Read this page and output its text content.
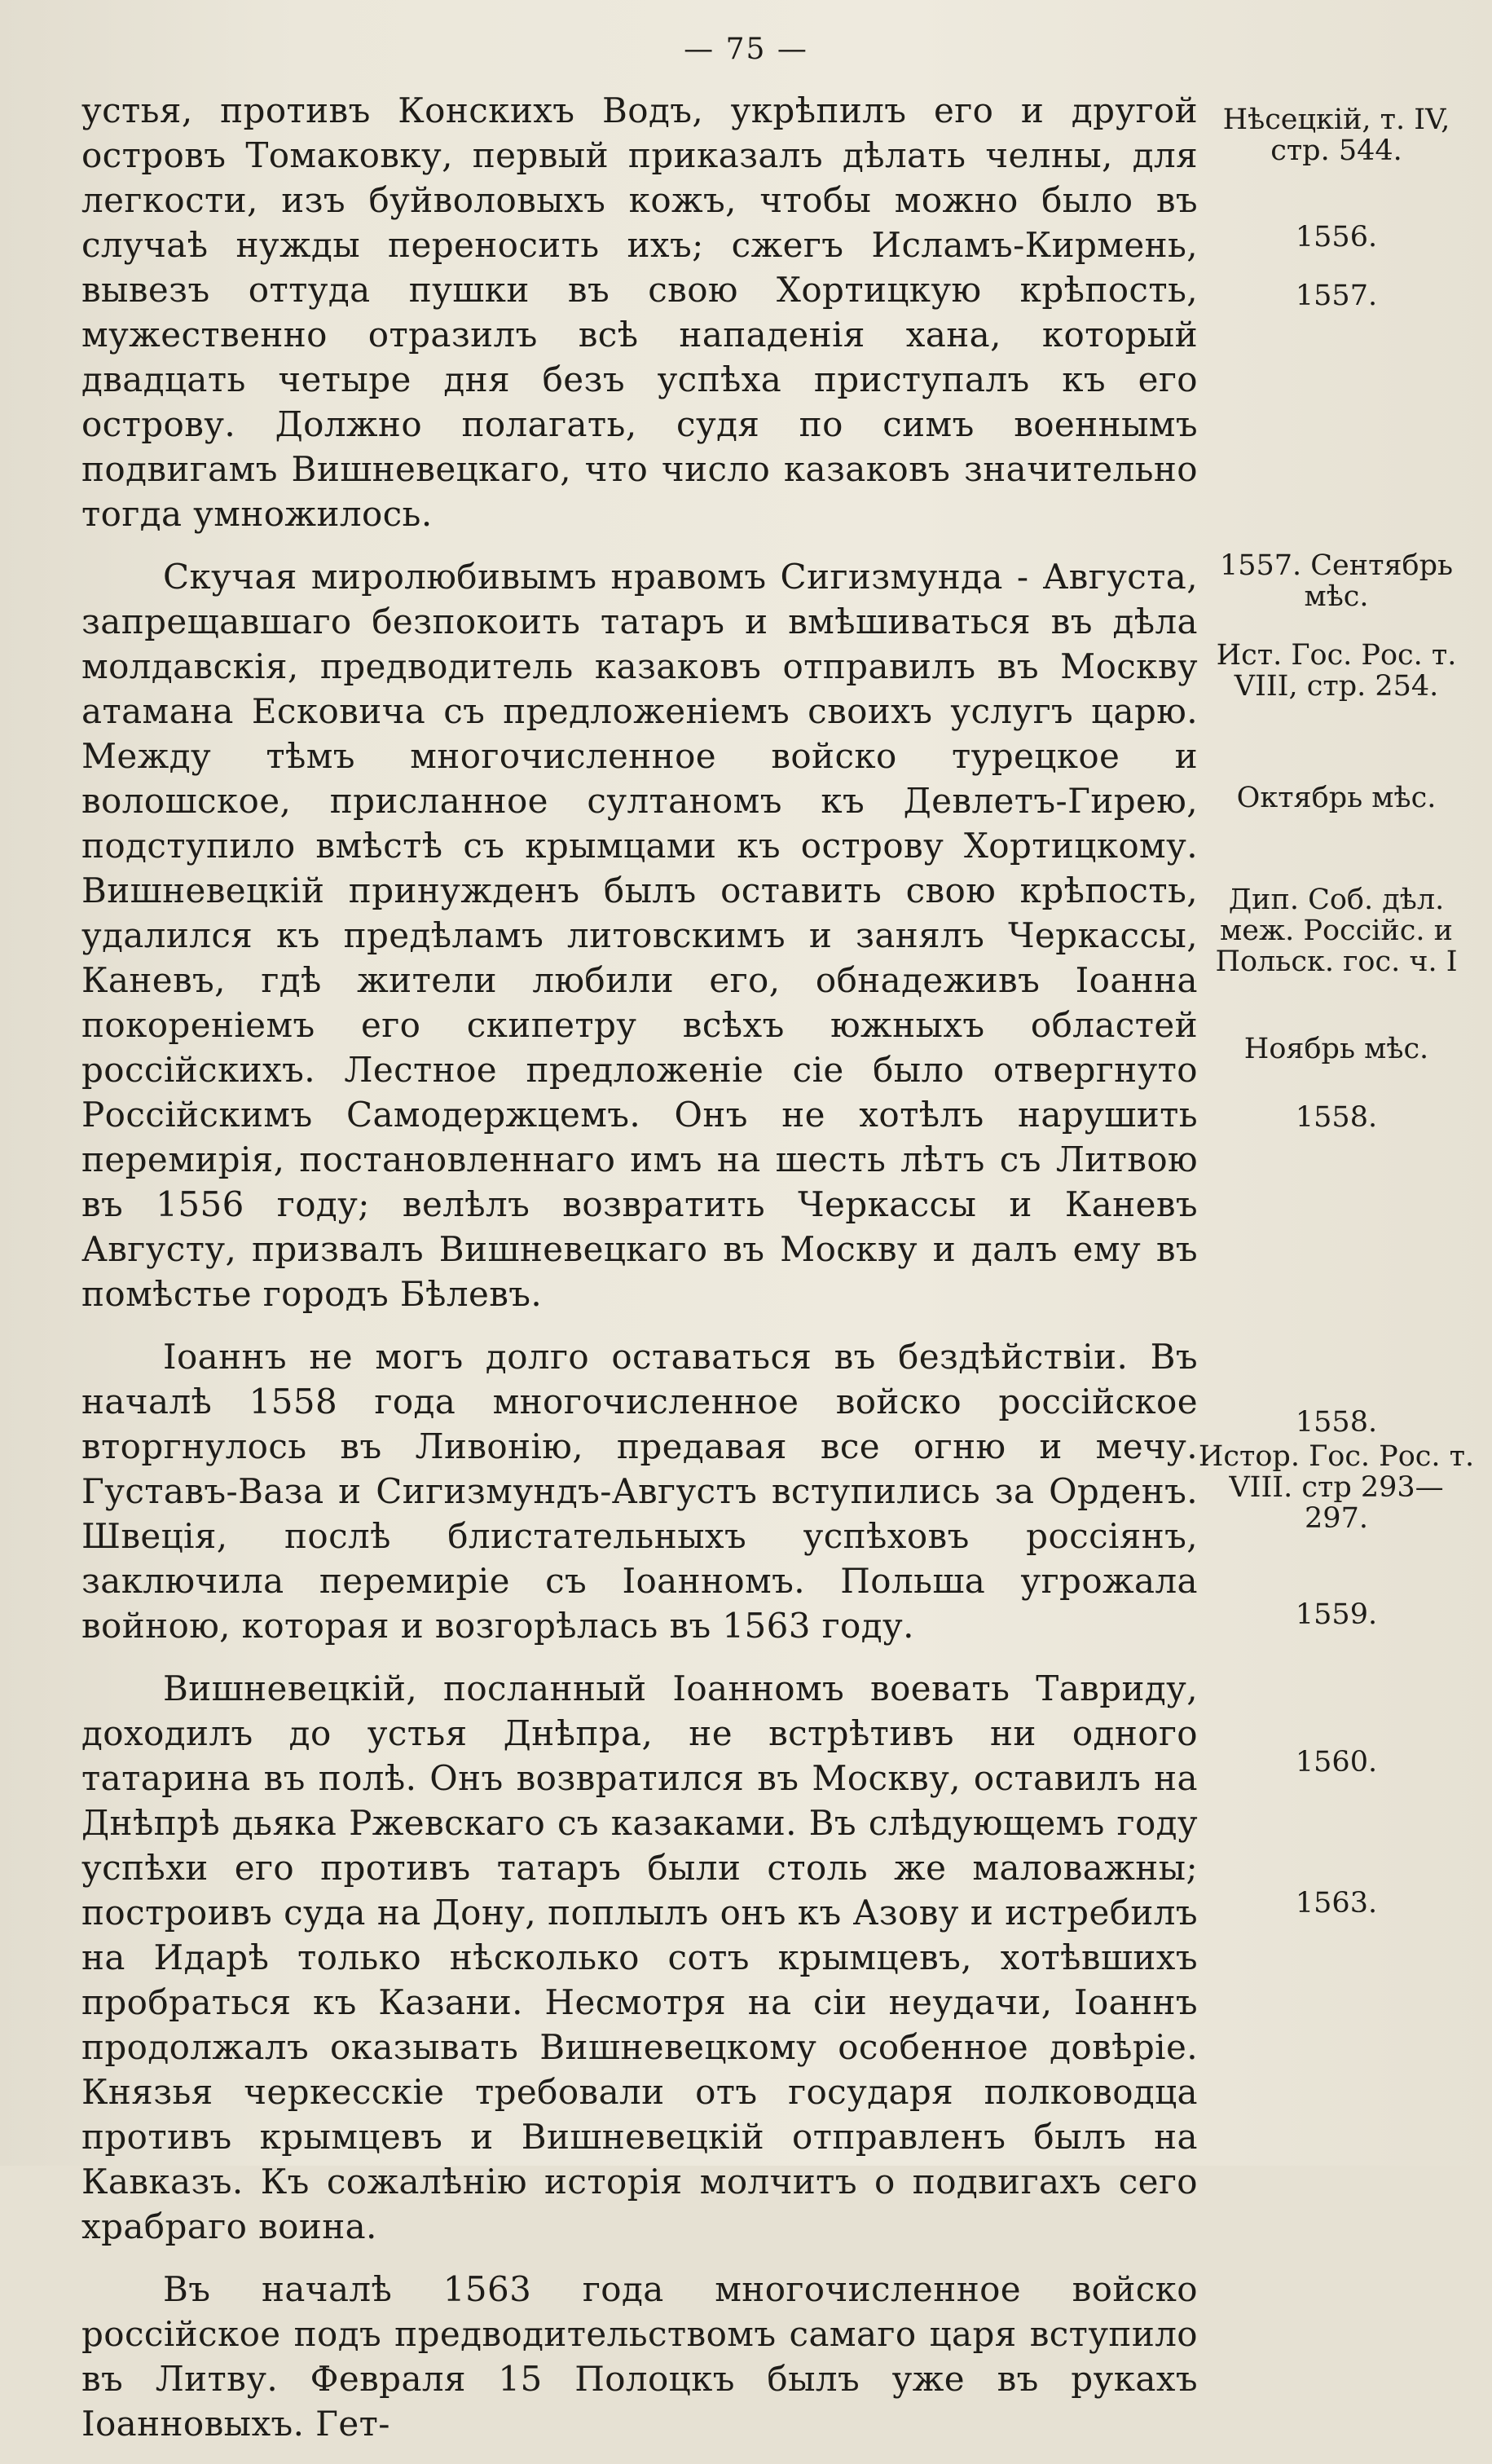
— 75 —

устья, противъ Конскихъ Водъ, укрѣпилъ его и другой островъ Томаковку, первый приказалъ дѣлать челны, для легкости, изъ буйволовыхъ кожъ, чтобы можно было въ случаѣ нужды переносить ихъ; сжегъ Исламъ-Кирмень, вывезъ оттуда пушки въ свою Хортицкую крѣпость, мужественно отразилъ всѣ нападенія хана, который двадцать четыре дня безъ успѣха приступалъ къ его острову. Должно полагать, судя по симъ военнымъ подвигамъ Вишневецкаго, что число казаковъ значительно тогда умножилось.

Скучая миролюбивымъ нравомъ Сигизмунда - Августа, запрещавшаго безпокоить татаръ и вмѣшиваться въ дѣла молдавскія, предводитель казаковъ отправилъ въ Москву атамана Есковича съ предложеніемъ своихъ услугъ царю. Между тѣмъ многочисленное войско турецкое и волошское, присланное султаномъ къ Девлетъ-Гирею, подступило вмѣстѣ съ крымцами къ острову Хортицкому. Вишневецкій принужденъ былъ оставить свою крѣпость, удалился къ предѣламъ литовскимъ и занялъ Черкассы, Каневъ, гдѣ жители любили его, обнадеживъ Іоанна покореніемъ его скипетру всѣхъ южныхъ областей россійскихъ. Лестное предложеніе сіе было отвергнуто Россійскимъ Самодержцемъ. Онъ не хотѣлъ нарушить перемирія, постановленнаго имъ на шесть лѣтъ съ Литвою въ 1556 году; велѣлъ возвратить Черкассы и Каневъ Августу, призвалъ Вишневецкаго въ Москву и далъ ему въ помѣстье городъ Бѣлевъ.

Іоаннъ не могъ долго оставаться въ бездѣйствіи. Въ началѣ 1558 года многочисленное войско россійское вторгнулось въ Ливонію, предавая все огню и мечу. Густавъ-Ваза и Сигизмундъ-Августъ вступились за Орденъ. Швеція, послѣ блистательныхъ успѣховъ россіянъ, заключила перемиріе съ Іоанномъ. Польша угрожала войною, которая и возгорѣлась въ 1563 году.

Вишневецкій, посланный Іоанномъ воевать Тавриду, доходилъ до устья Днѣпра, не встрѣтивъ ни одного татарина въ полѣ. Онъ возвратился въ Москву, оставилъ на Днѣпрѣ дьяка Ржевскаго съ казаками. Въ слѣдующемъ году успѣхи его противъ татаръ были столь же маловажны; построивъ суда на Дону, поплылъ онъ къ Азову и истребилъ на Идарѣ только нѣсколько сотъ крымцевъ, хотѣвшихъ пробраться къ Казани. Несмотря на сіи неудачи, Іоаннъ продолжалъ оказывать Вишневецкому особенное довѣріе. Князья черкесскіе требовали отъ государя полководца противъ крымцевъ и Вишневецкій отправленъ былъ на Кавказъ. Къ сожалѣнію исторія молчитъ о подвигахъ сего храбраго воина.

Въ началѣ 1563 года многочисленное войско россійское подъ предводительствомъ самаго царя вступило въ Литву. Февраля 15 Полоцкъ былъ уже въ рукахъ Іоанновыхъ. Гет-

Нѣсецкій, т. IV, стр. 544.
1556.
1557.
1557. Сентябрь мѣс.
Ист. Гос. Рос. т. VIII, стр. 254.
Октябрь мѣс.
Дип. Соб. дѣл. меж. Россійс. и Польск. гос. ч. I
Ноябрь мѣс.
1558.
1558.
Истор. Гос. Рос. т. VIII. стр 293—297.
1559.
1560.
1563.
